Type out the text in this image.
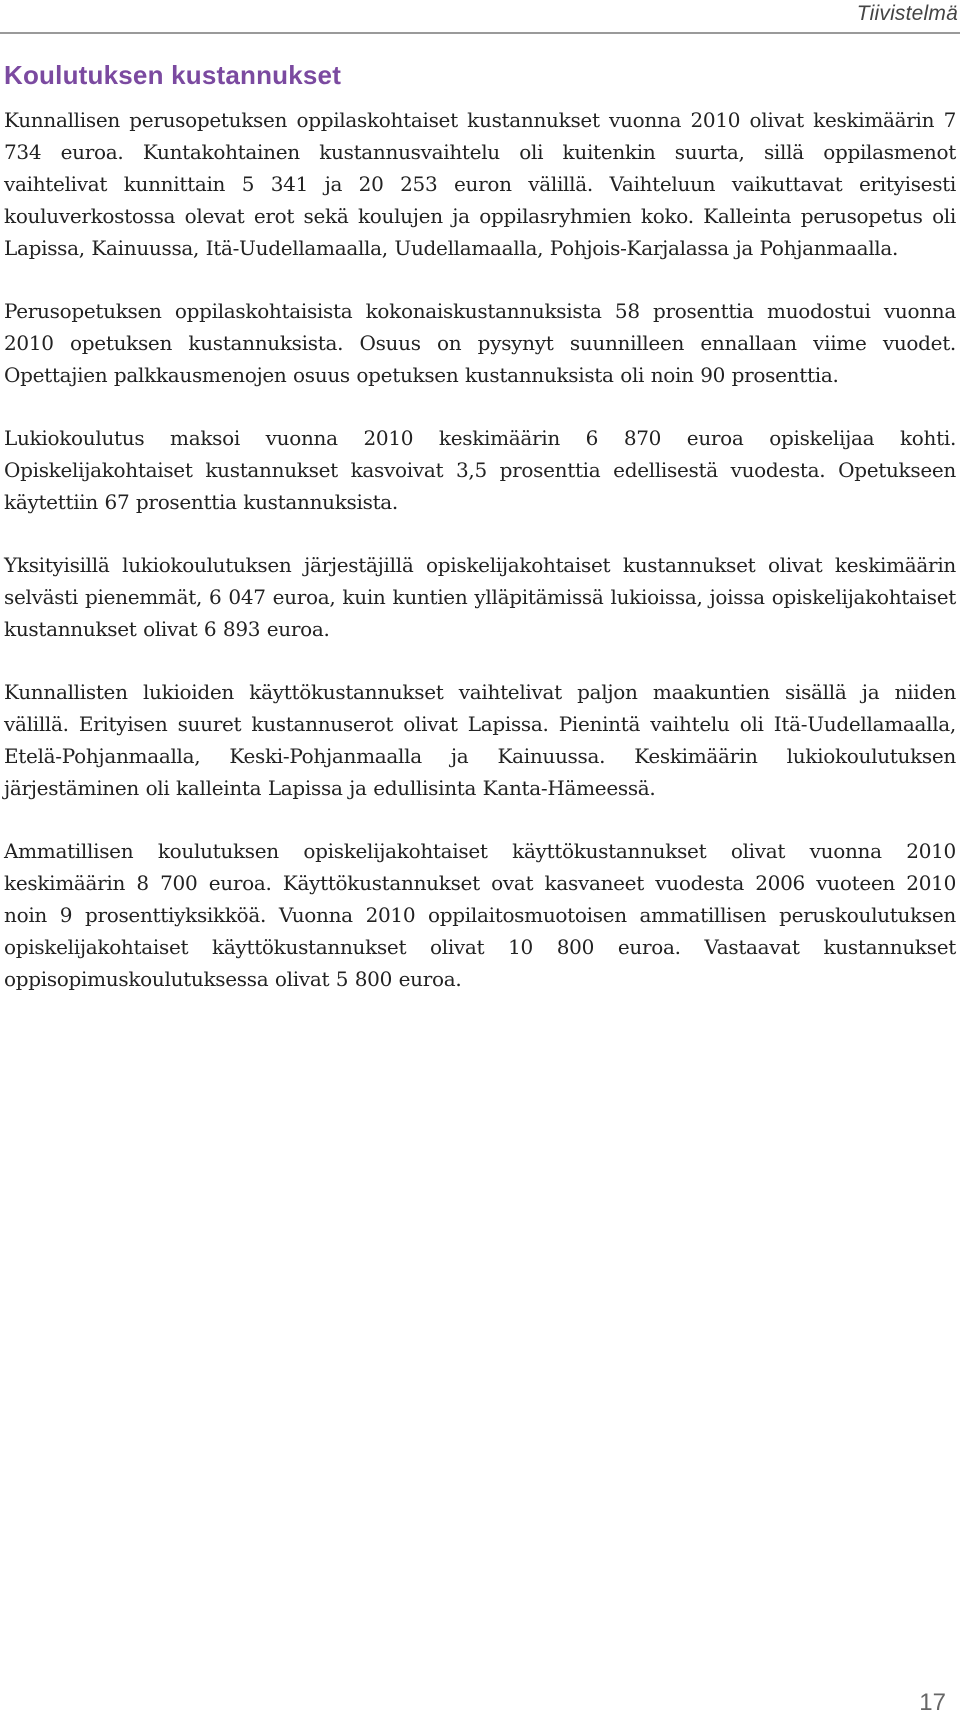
Tiivistelmä
Koulutuksen kustannukset

Kunnallisen perusopetuksen oppilaskohtaiset kustannukset vuonna 2010 olivat keskimäärin 7 734 euroa. Kuntakohtainen kustannusvaihtelu oli kuitenkin suurta, sillä oppilasmenot vaihtelivat kunnittain 5 341 ja 20 253 euron välillä. Vaihteluun vaikuttavat erityisesti kouluverkostossa olevat erot sekä koulujen ja oppilasryhmien koko. Kalleinta perusopetus oli Lapissa, Kainuussa, Itä-Uudellamaalla, Uudellamaalla, Pohjois-Karjalassa ja Pohjanmaalla.

Perusopetuksen oppilaskohtaisista kokonaiskustannuksista 58 prosenttia muodostui vuonna 2010 opetuksen kustannuksista. Osuus on pysynyt suunnilleen ennallaan viime vuodet. Opettajien palkkausmenojen osuus opetuksen kustannuksista oli noin 90 prosenttia.

Lukiokoulutus maksoi vuonna 2010 keskimäärin 6 870 euroa opiskelijaa kohti. Opiskelijakohtaiset kustannukset kasvoivat 3,5 prosenttia edellisestä vuodesta. Opetukseen käytettiin 67 prosenttia kustannuksista.

Yksityisillä lukiokoulutuksen järjestäjillä opiskelijakohtaiset kustannukset olivat keskimäärin selvästi pienemmät, 6 047 euroa, kuin kuntien ylläpitämissä lukioissa, joissa opiskelijakohtaiset kustannukset olivat 6 893 euroa.

Kunnallisten lukioiden käyttökustannukset vaihtelivat paljon maakuntien sisällä ja niiden välillä. Erityisen suuret kustannuserot olivat Lapissa. Pienintä vaihtelu oli Itä-Uudellamaalla, Etelä-Pohjanmaalla, Keski-Pohjanmaalla ja Kainuussa. Keskimäärin lukiokoulutuksen järjestäminen oli kalleinta Lapissa ja edullisinta Kanta-Hämeessä.

Ammatillisen koulutuksen opiskelijakohtaiset käyttökustannukset olivat vuonna 2010 keskimäärin 8 700 euroa. Käyttökustannukset ovat kasvaneet vuodesta 2006 vuoteen 2010 noin 9 prosenttiyksikköä. Vuonna 2010 oppilaitosmuotoisen ammatillisen peruskoulutuksen opiskelijakohtaiset käyttökustannukset olivat 10 800 euroa. Vastaavat kustannukset oppisopimuskoulutuksessa olivat 5 800 euroa.

17
